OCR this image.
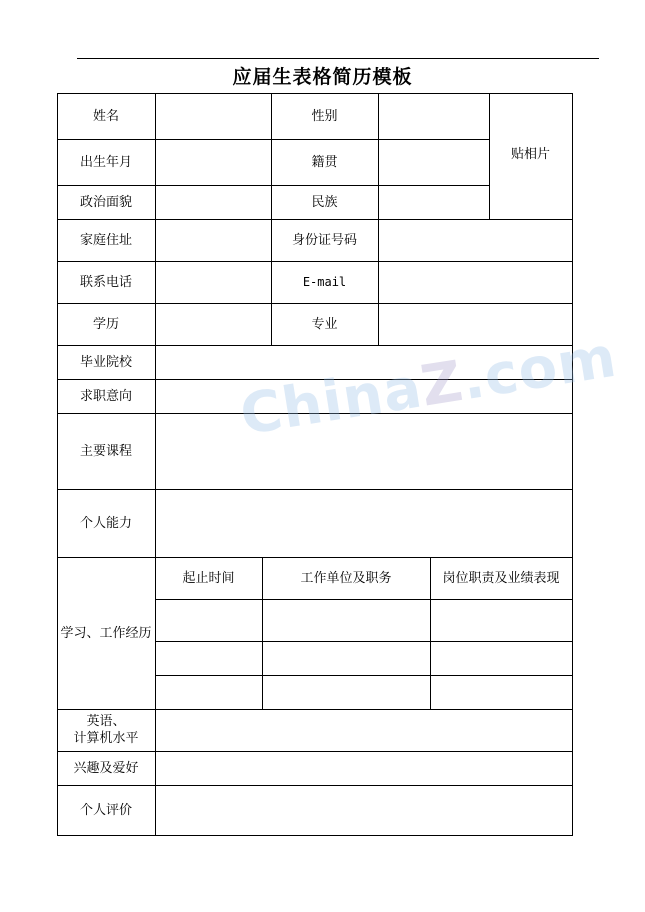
应届生表格简历模板
姓名	性别
贴相片
出生年月	籍贯
政治面貌	民族
家庭住址	身份证号码
联系电话	E-mail
学历	专业
毕业院校
求职意向
主要课程
个人能力
学习、工作经历
起止时间	工作单位及职务	岗位职责及业绩表现
英语、
计算机水平
兴趣及爱好
个人评价
ChinaZ.com
